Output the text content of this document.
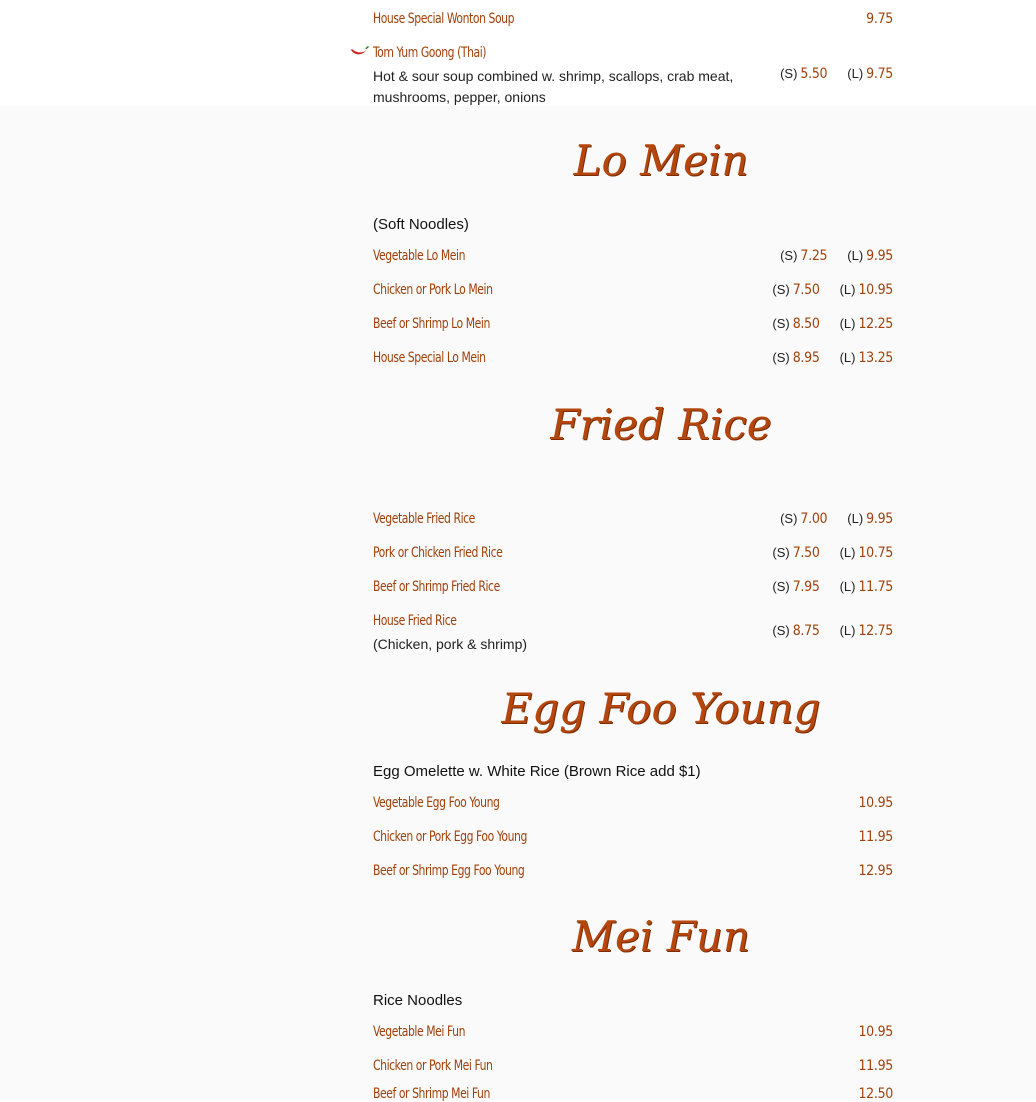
House Special Wonton Soup	9.75
Tom Yum Goong (Thai)
Hot & sour soup combined w. shrimp, scallops, crab meat, mushrooms, pepper, onions
(S) 5.50 (L) 9.75
Lo Mein
(Soft Noodles)
Vegetable Lo Mein	(S) 7.25 (L) 9.95
Chicken or Pork Lo Mein	(S) 7.50 (L) 10.95
Beef or Shrimp Lo Mein	(S) 8.50 (L) 12.25
House Special Lo Mein	(S) 8.95 (L) 13.25
Fried Rice
Vegetable Fried Rice	(S) 7.00 (L) 9.95
Pork or Chicken Fried Rice	(S) 7.50 (L) 10.75
Beef or Shrimp Fried Rice	(S) 7.95 (L) 11.75
House Fried Rice
(Chicken, pork & shrimp)
(S) 8.75 (L) 12.75
Egg Foo Young
Egg Omelette w. White Rice (Brown Rice add $1)
Vegetable Egg Foo Young	10.95
Chicken or Pork Egg Foo Young	11.95
Beef or Shrimp Egg Foo Young	12.95
Mei Fun
Rice Noodles
Vegetable Mei Fun	10.95
Chicken or Pork Mei Fun	11.95
Beef or Shrimp Mei Fun	12.50
